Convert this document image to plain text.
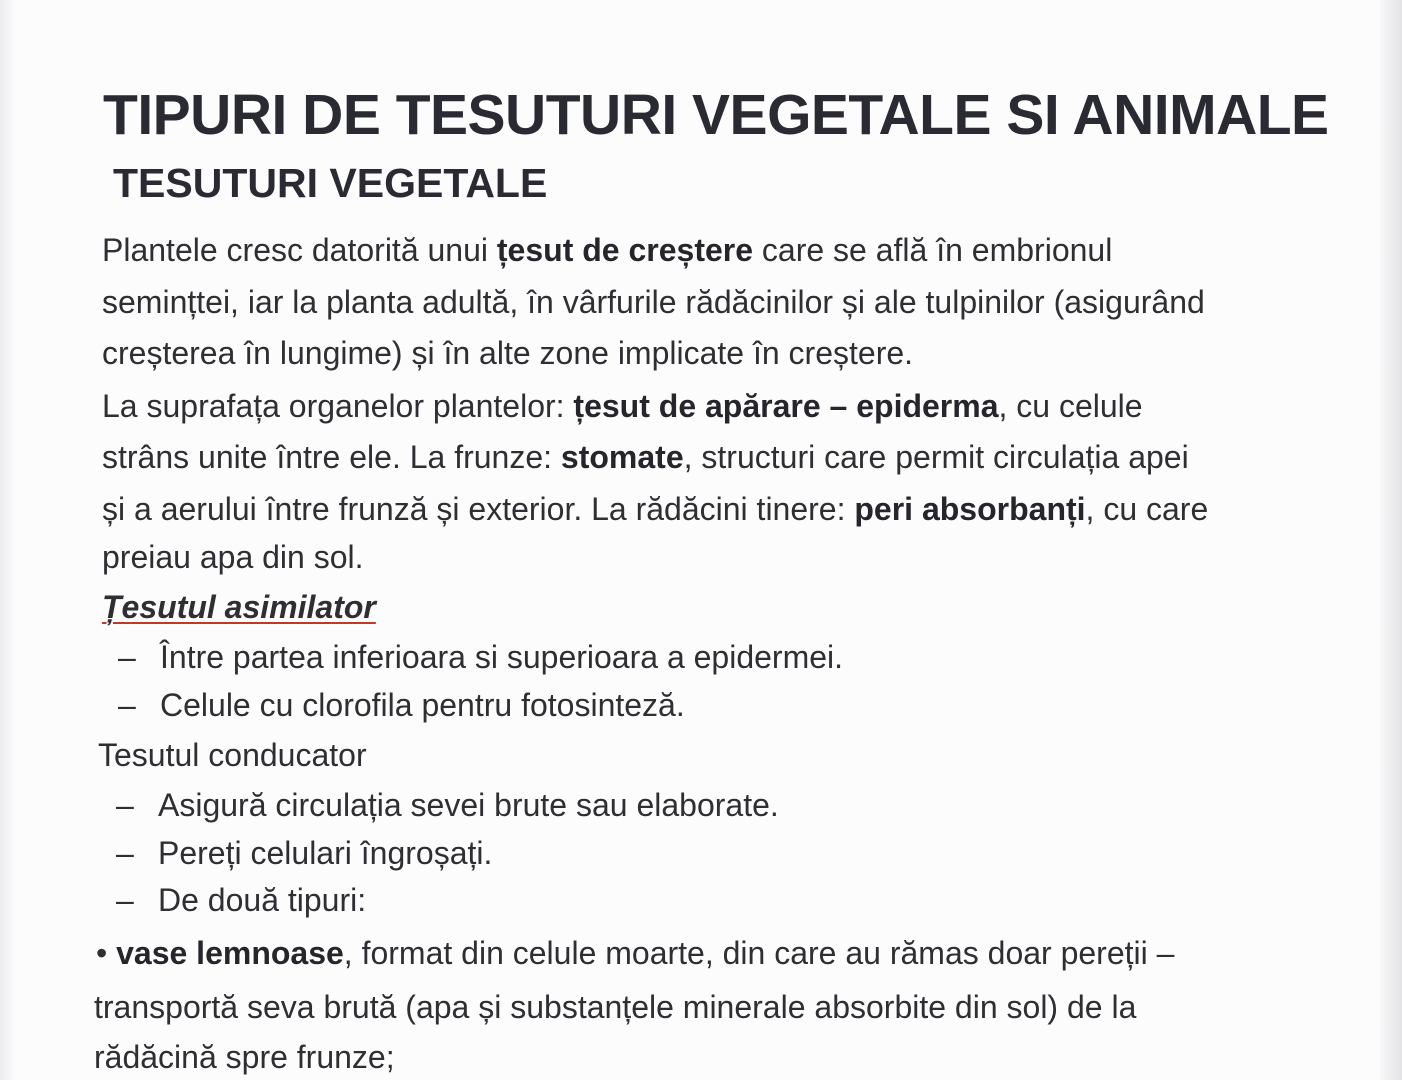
TIPURI DE TESUTURI VEGETALE SI ANIMALE
TESUTURI VEGETALE

Plantele cresc datorită unui țesut de creștere care se află în embrionul

semințtei, iar la planta adultă, în vârfurile rădăcinilor și ale tulpinilor (asigurând

creșterea în lungime) și în alte zone implicate în creștere.

La suprafața organelor plantelor: țesut de apărare – epiderma, cu celule

strâns unite între ele. La frunze: stomate, structuri care permit circulația apei

și a aerului între frunză și exterior. La rădăcini tinere: peri absorbanți, cu care

preiau apa din sol.

Țesutul asimilator

– Între partea inferioara si superioara a epidermei.

– Celule cu clorofila pentru fotosinteză.

Tesutul conducator

– Asigură circulația sevei brute sau elaborate.

– Pereți celulari îngroșați.

– De două tipuri:

• vase lemnoase, format din celule moarte, din care au rămas doar pereții –

transportă seva brută (apa și substanțele minerale absorbite din sol) de la

rădăcină spre frunze;
